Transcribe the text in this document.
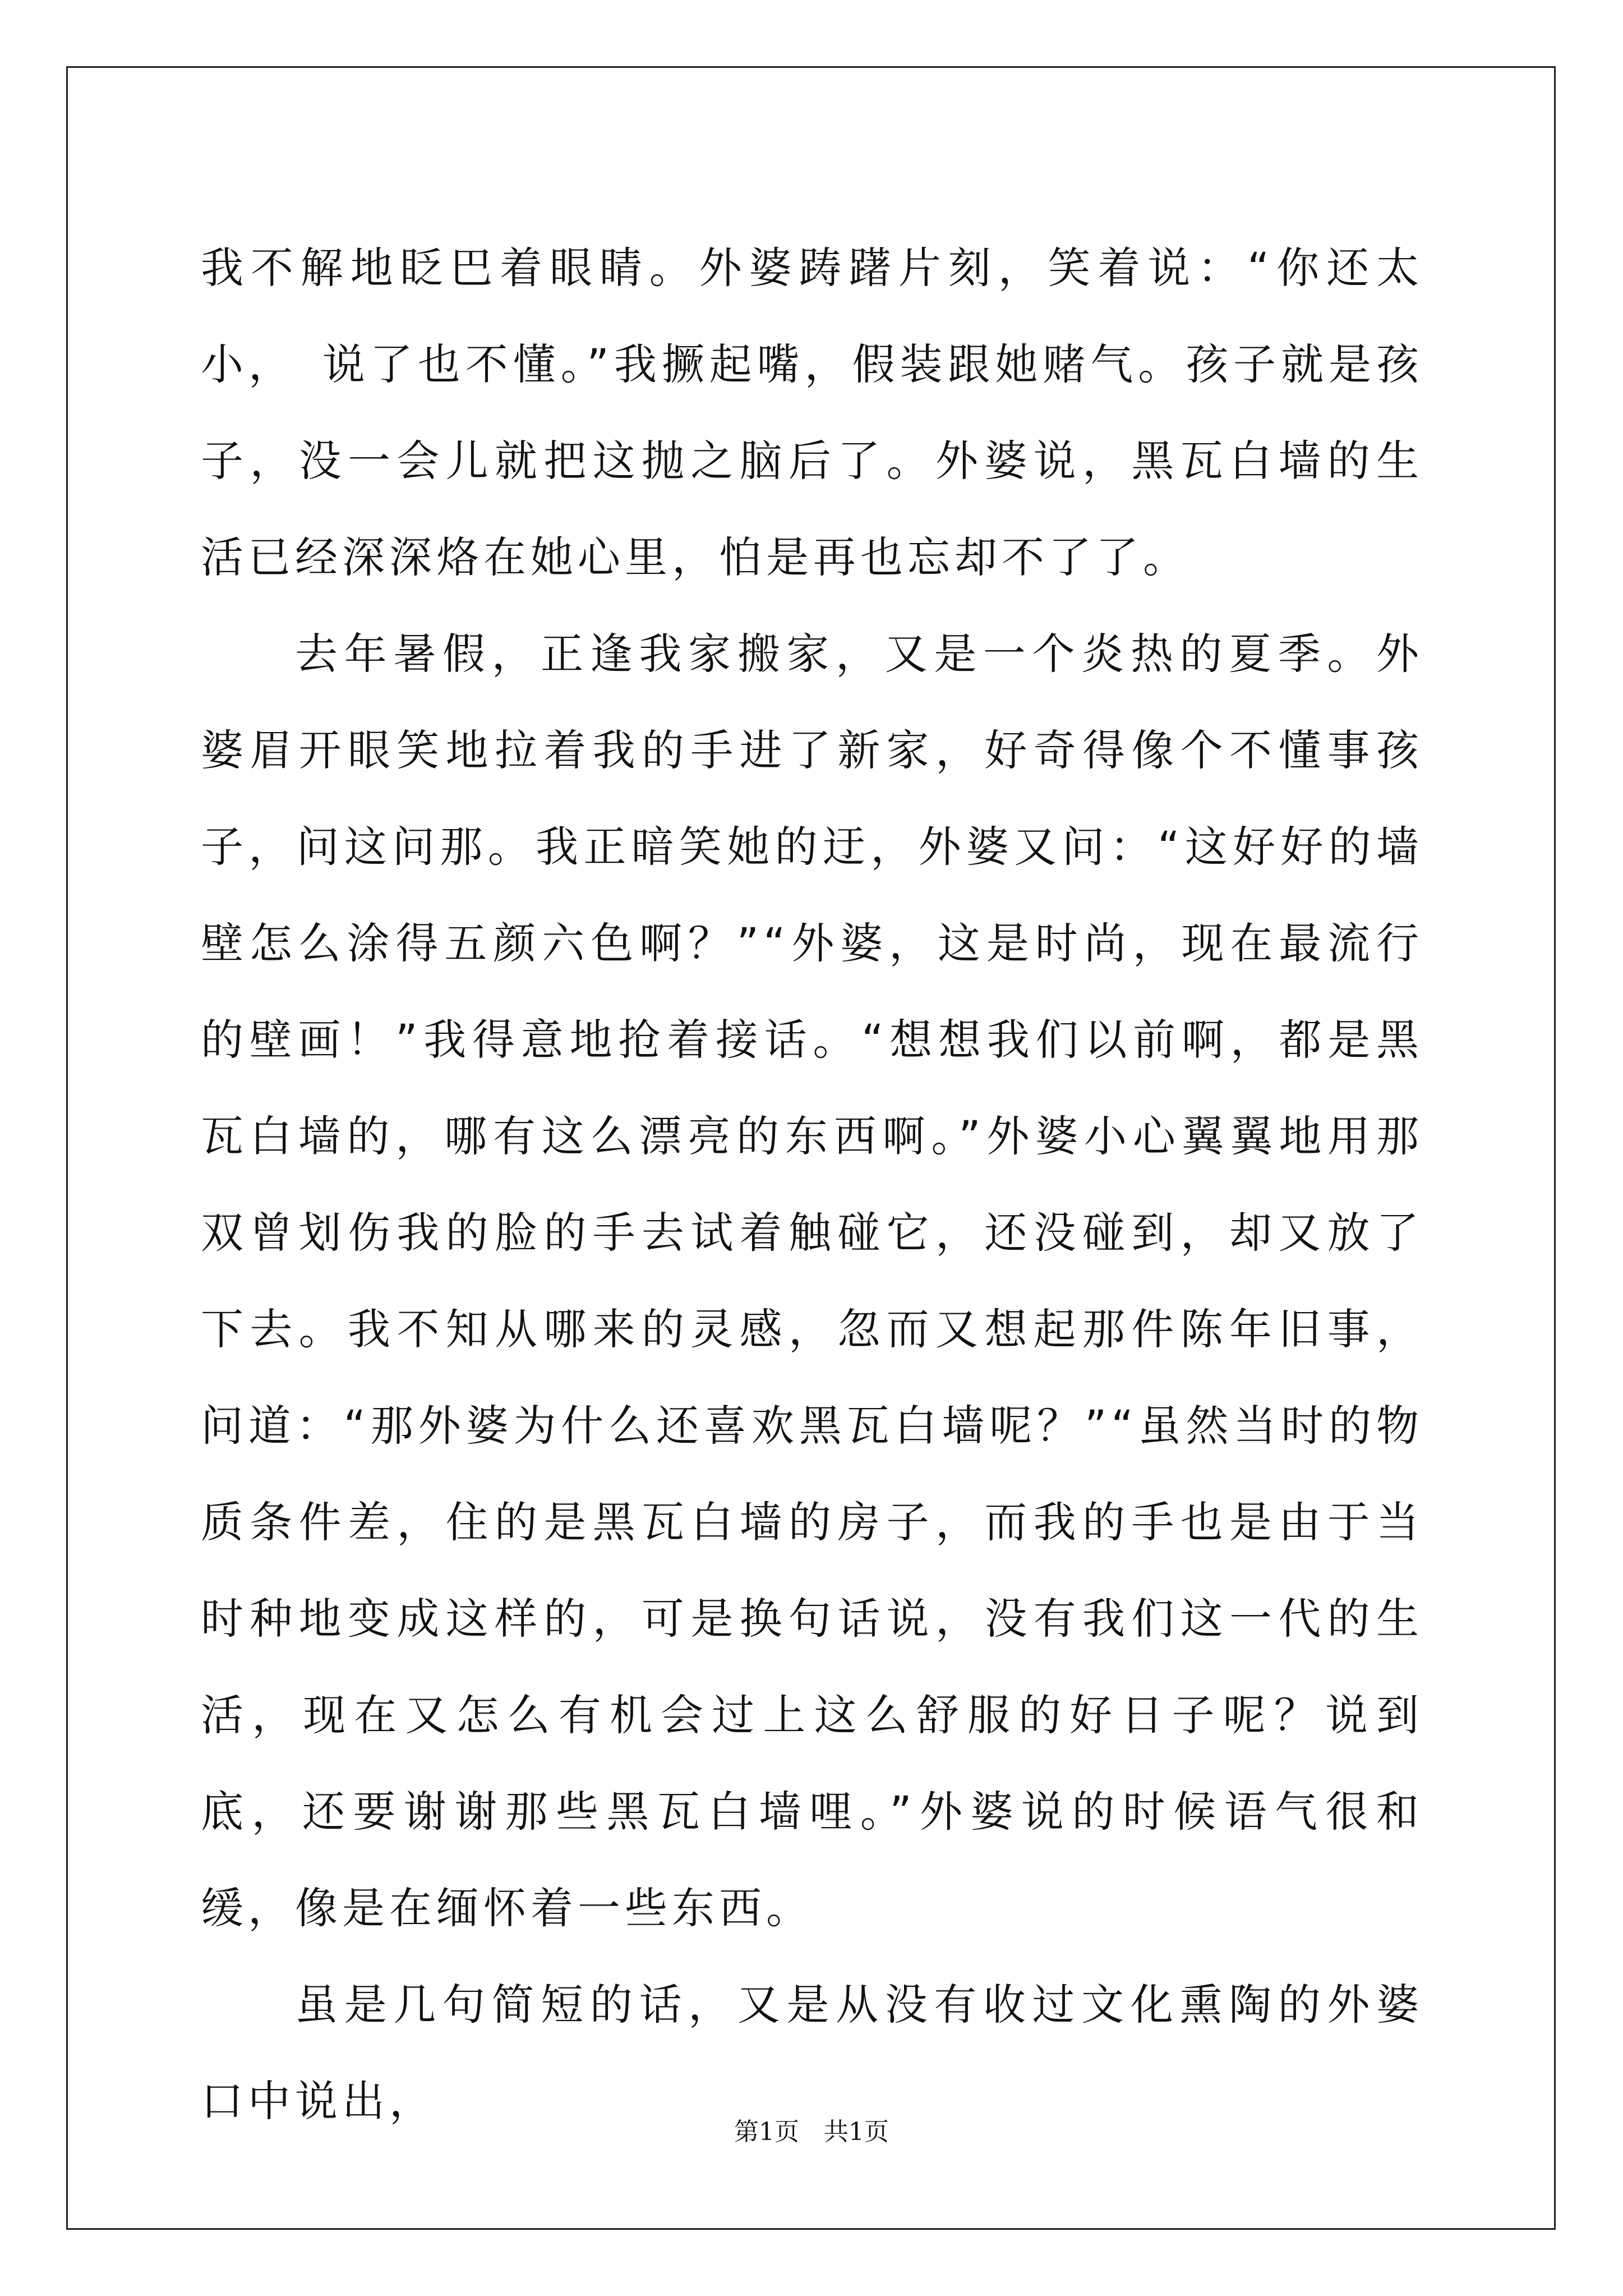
我不解地眨巴着眼睛。外婆踌躇片刻，笑着说：“你还太小，　说了也不懂。”我撅起嘴，假装跟她赌气。孩子就是孩子，没一会儿就把这抛之脑后了。外婆说，黑瓦白墙的生活已经深深烙在她心里，怕是再也忘却不了了。

去年暑假，正逢我家搬家，又是一个炎热的夏季。外婆眉开眼笑地拉着我的手进了新家，好奇得像个不懂事孩子，问这问那。我正暗笑她的迂，外婆又问：“这好好的墙壁怎么涂得五颜六色啊？”“外婆，这是时尚，现在最流行的壁画！”我得意地抢着接话。“想想我们以前啊，都是黑瓦白墙的，哪有这么漂亮的东西啊。”外婆小心翼翼地用那双曾划伤我的脸的手去试着触碰它，还没碰到，却又放了下去。我不知从哪来的灵感，忽而又想起那件陈年旧事，问道：“那外婆为什么还喜欢黑瓦白墙呢？”“虽然当时的物质条件差，住的是黑瓦白墙的房子，而我的手也是由于当时种地变成这样的，可是换句话说，没有我们这一代的生活，现在又怎么有机会过上这么舒服的好日子呢？说到底，还要谢谢那些黑瓦白墙哩。”外婆说的时候语气很和缓，像是在缅怀着一些东西。

虽是几句简短的话，又是从没有收过文化熏陶的外婆口中说出，

第1页　共1页
